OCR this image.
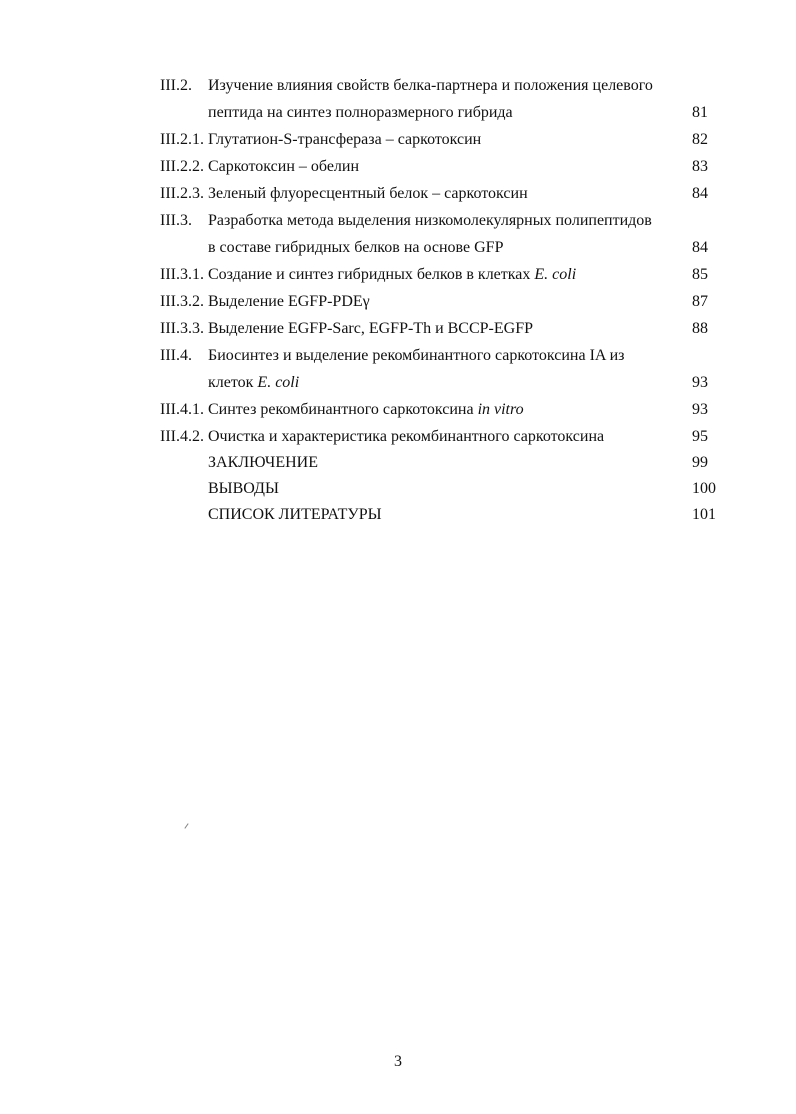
III.2. Изучение влияния свойств белка-партнера и положения целевого
пептида на синтез полноразмерного гибрида	81
III.2.1. Глутатион-S-трансфераза – саркотоксин	82
III.2.2. Саркотоксин – обелин	83
III.2.3. Зеленый флуоресцентный белок – саркотоксин	84
III.3. Разработка метода выделения низкомолекулярных полипептидов
в составе гибридных белков на основе GFP	84
III.3.1. Создание и синтез гибридных белков в клетках E. coli	85
III.3.2. Выделение EGFP-PDEγ	87
III.3.3. Выделение EGFP-Sarc, EGFP-Th и BCCP-EGFP	88
III.4. Биосинтез и выделение рекомбинантного саркотоксина IA из
клеток E. coli	93
III.4.1. Синтез рекомбинантного саркотоксина in vitro	93
III.4.2. Очистка и характеристика рекомбинантного саркотоксина	95
ЗАКЛЮЧЕНИЕ	99
ВЫВОДЫ	100
СПИСОК ЛИТЕРАТУРЫ	101
3
